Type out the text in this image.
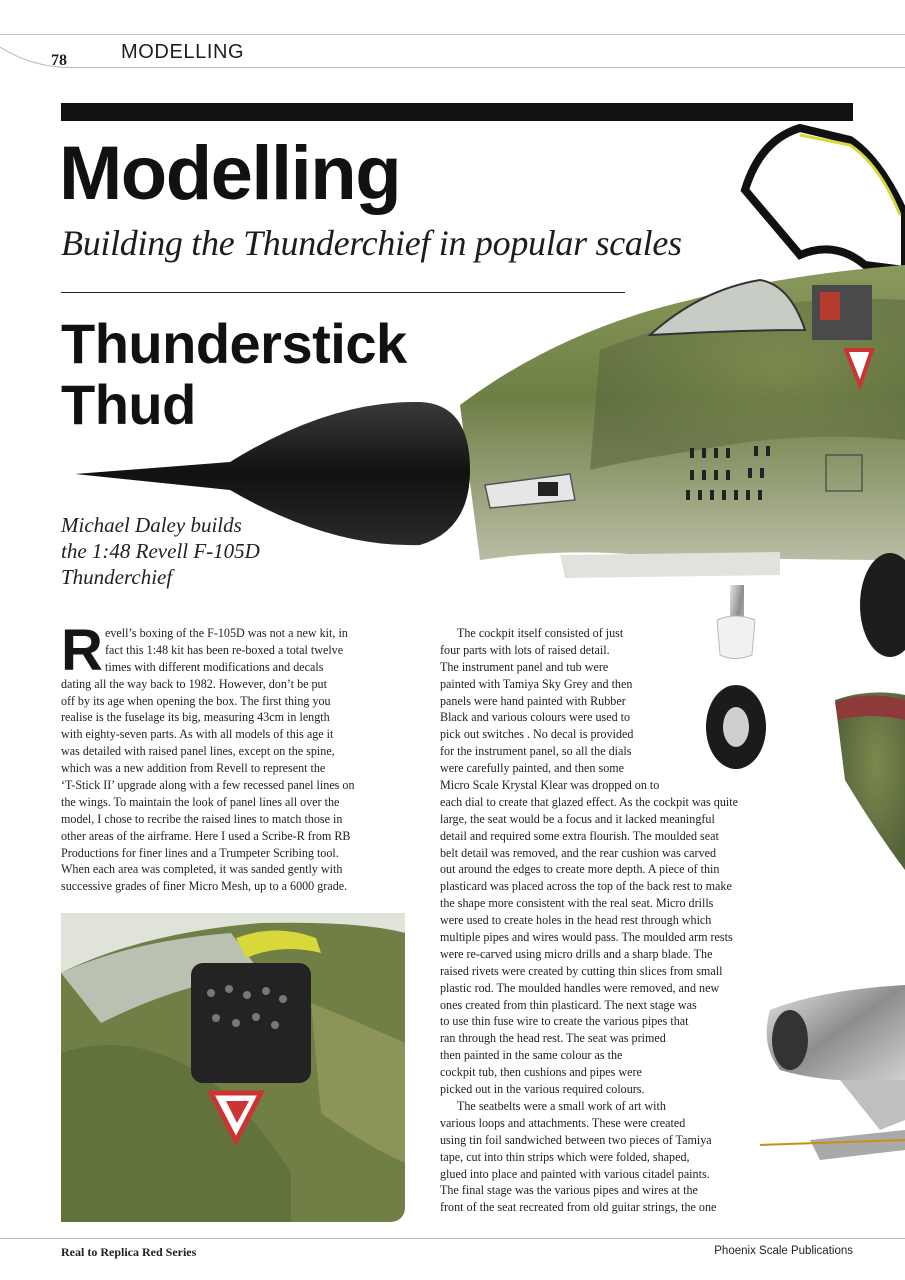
78	MODELLING
Modelling
Building the Thunderchief in popular scales
Thunderstick
Thud
Michael Daley builds
the 1:48 Revell F-105D
Thunderchief
R evell’s boxing of the F-105D was not a new kit, in
fact this 1:48 kit has been re-boxed a total twelve
times with different modifications and decals
dating all the way back to 1982. However, don’t be put
off by its age when opening the box. The first thing you
realise is the fuselage its big, measuring 43cm in length
with eighty-seven parts. As with all models of this age it
was detailed with raised panel lines, except on the spine,
which was a new addition from Revell to represent the
‘T-Stick II’ upgrade along with a few recessed panel lines on
the wings. To maintain the look of panel lines all over the
model, I chose to recribe the raised lines to match those in
other areas of the airframe. Here I used a Scribe-R from RB
Productions for finer lines and a Trumpeter Scribing tool.
When each area was completed, it was sanded gently with
successive grades of finer Micro Mesh, up to a 6000 grade.
The cockpit itself consisted of just
four parts with lots of raised detail.
The instrument panel and tub were
painted with Tamiya Sky Grey and then
panels were hand painted with Rubber
Black and various colours were used to
pick out switches . No decal is provided
for the instrument panel, so all the dials
were carefully painted, and then some
Micro Scale Krystal Klear was dropped on to
each dial to create that glazed effect. As the cockpit was quite
large, the seat would be a focus and it lacked meaningful
detail and required some extra flourish. The moulded seat
belt detail was removed, and the rear cushion was carved
out around the edges to create more depth. A piece of thin
plasticard was placed across the top of the back rest to make
the shape more consistent with the real seat. Micro drills
were used to create holes in the head rest through which
multiple pipes and wires would pass. The moulded arm rests
were re-carved using micro drills and a sharp blade. The
raised rivets were created by cutting thin slices from small
plastic rod. The moulded handles were removed, and new
ones created from thin plasticard. The next stage was
to use thin fuse wire to create the various pipes that
ran through the head rest. The seat was primed
then painted in the same colour as the
cockpit tub, then cushions and pipes were
picked out in the various required colours.
The seatbelts were a small work of art with
various loops and attachments. These were created
using tin foil sandwiched between two pieces of Tamiya
tape, cut into thin strips which were folded, shaped,
glued into place and painted with various citadel paints.
The final stage was the various pipes and wires at the
front of the seat recreated from old guitar strings, the one
Real to Replica Red Series	Phoenix Scale Publications
